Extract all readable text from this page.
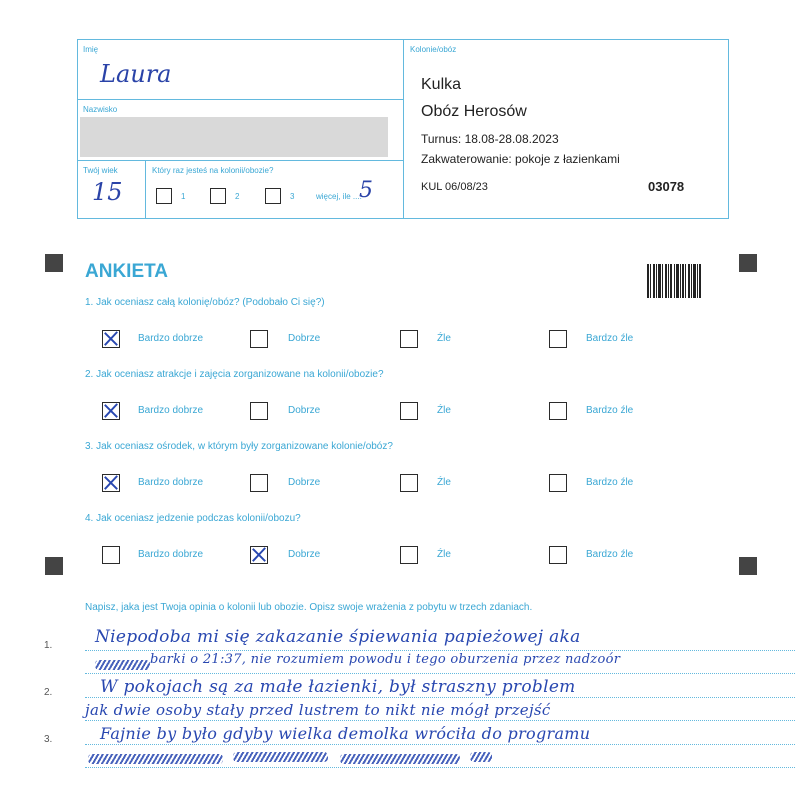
Imię
Laura
Nazwisko
Twój wiek
15
Który raz jesteś na kolonii/obozie?
1	2	3	więcej, ile ....
5
Kolonie/obóz
Kulka
Obóz Herosów
Turnus: 18.08-28.08.2023
Zakwaterowanie: pokoje z łazienkami
KUL 06/08/23	03078
ANKIETA
1. Jak oceniasz całą kolonię/obóz? (Podobało Ci się?)
Bardzo dobrze	Dobrze	Źle	Bardzo źle
2. Jak oceniasz atrakcje i zajęcia zorganizowane na kolonii/obozie?
Bardzo dobrze	Dobrze	Źle	Bardzo źle
3. Jak oceniasz ośrodek, w którym były zorganizowane kolonie/obóz?
Bardzo dobrze	Dobrze	Źle	Bardzo źle
4. Jak oceniasz jedzenie podczas kolonii/obozu?
Bardzo dobrze	Dobrze	Źle	Bardzo źle
Napisz, jaka jest Twoja opinia o kolonii lub obozie. Opisz swoje wrażenia z pobytu w trzech zdaniach.
1.
2.
3.
Niepodoba mi się zakazanie śpiewania papieżowej aka
barki o 21:37, nie rozumiem powodu i tego oburzenia przez nadzoór
W pokojach są za małe łazienki, był straszny problem
jak dwie osoby stały przed lustrem to nikt nie mógł przejść
Fajnie by było gdyby wielka demolka wróciła do programu
